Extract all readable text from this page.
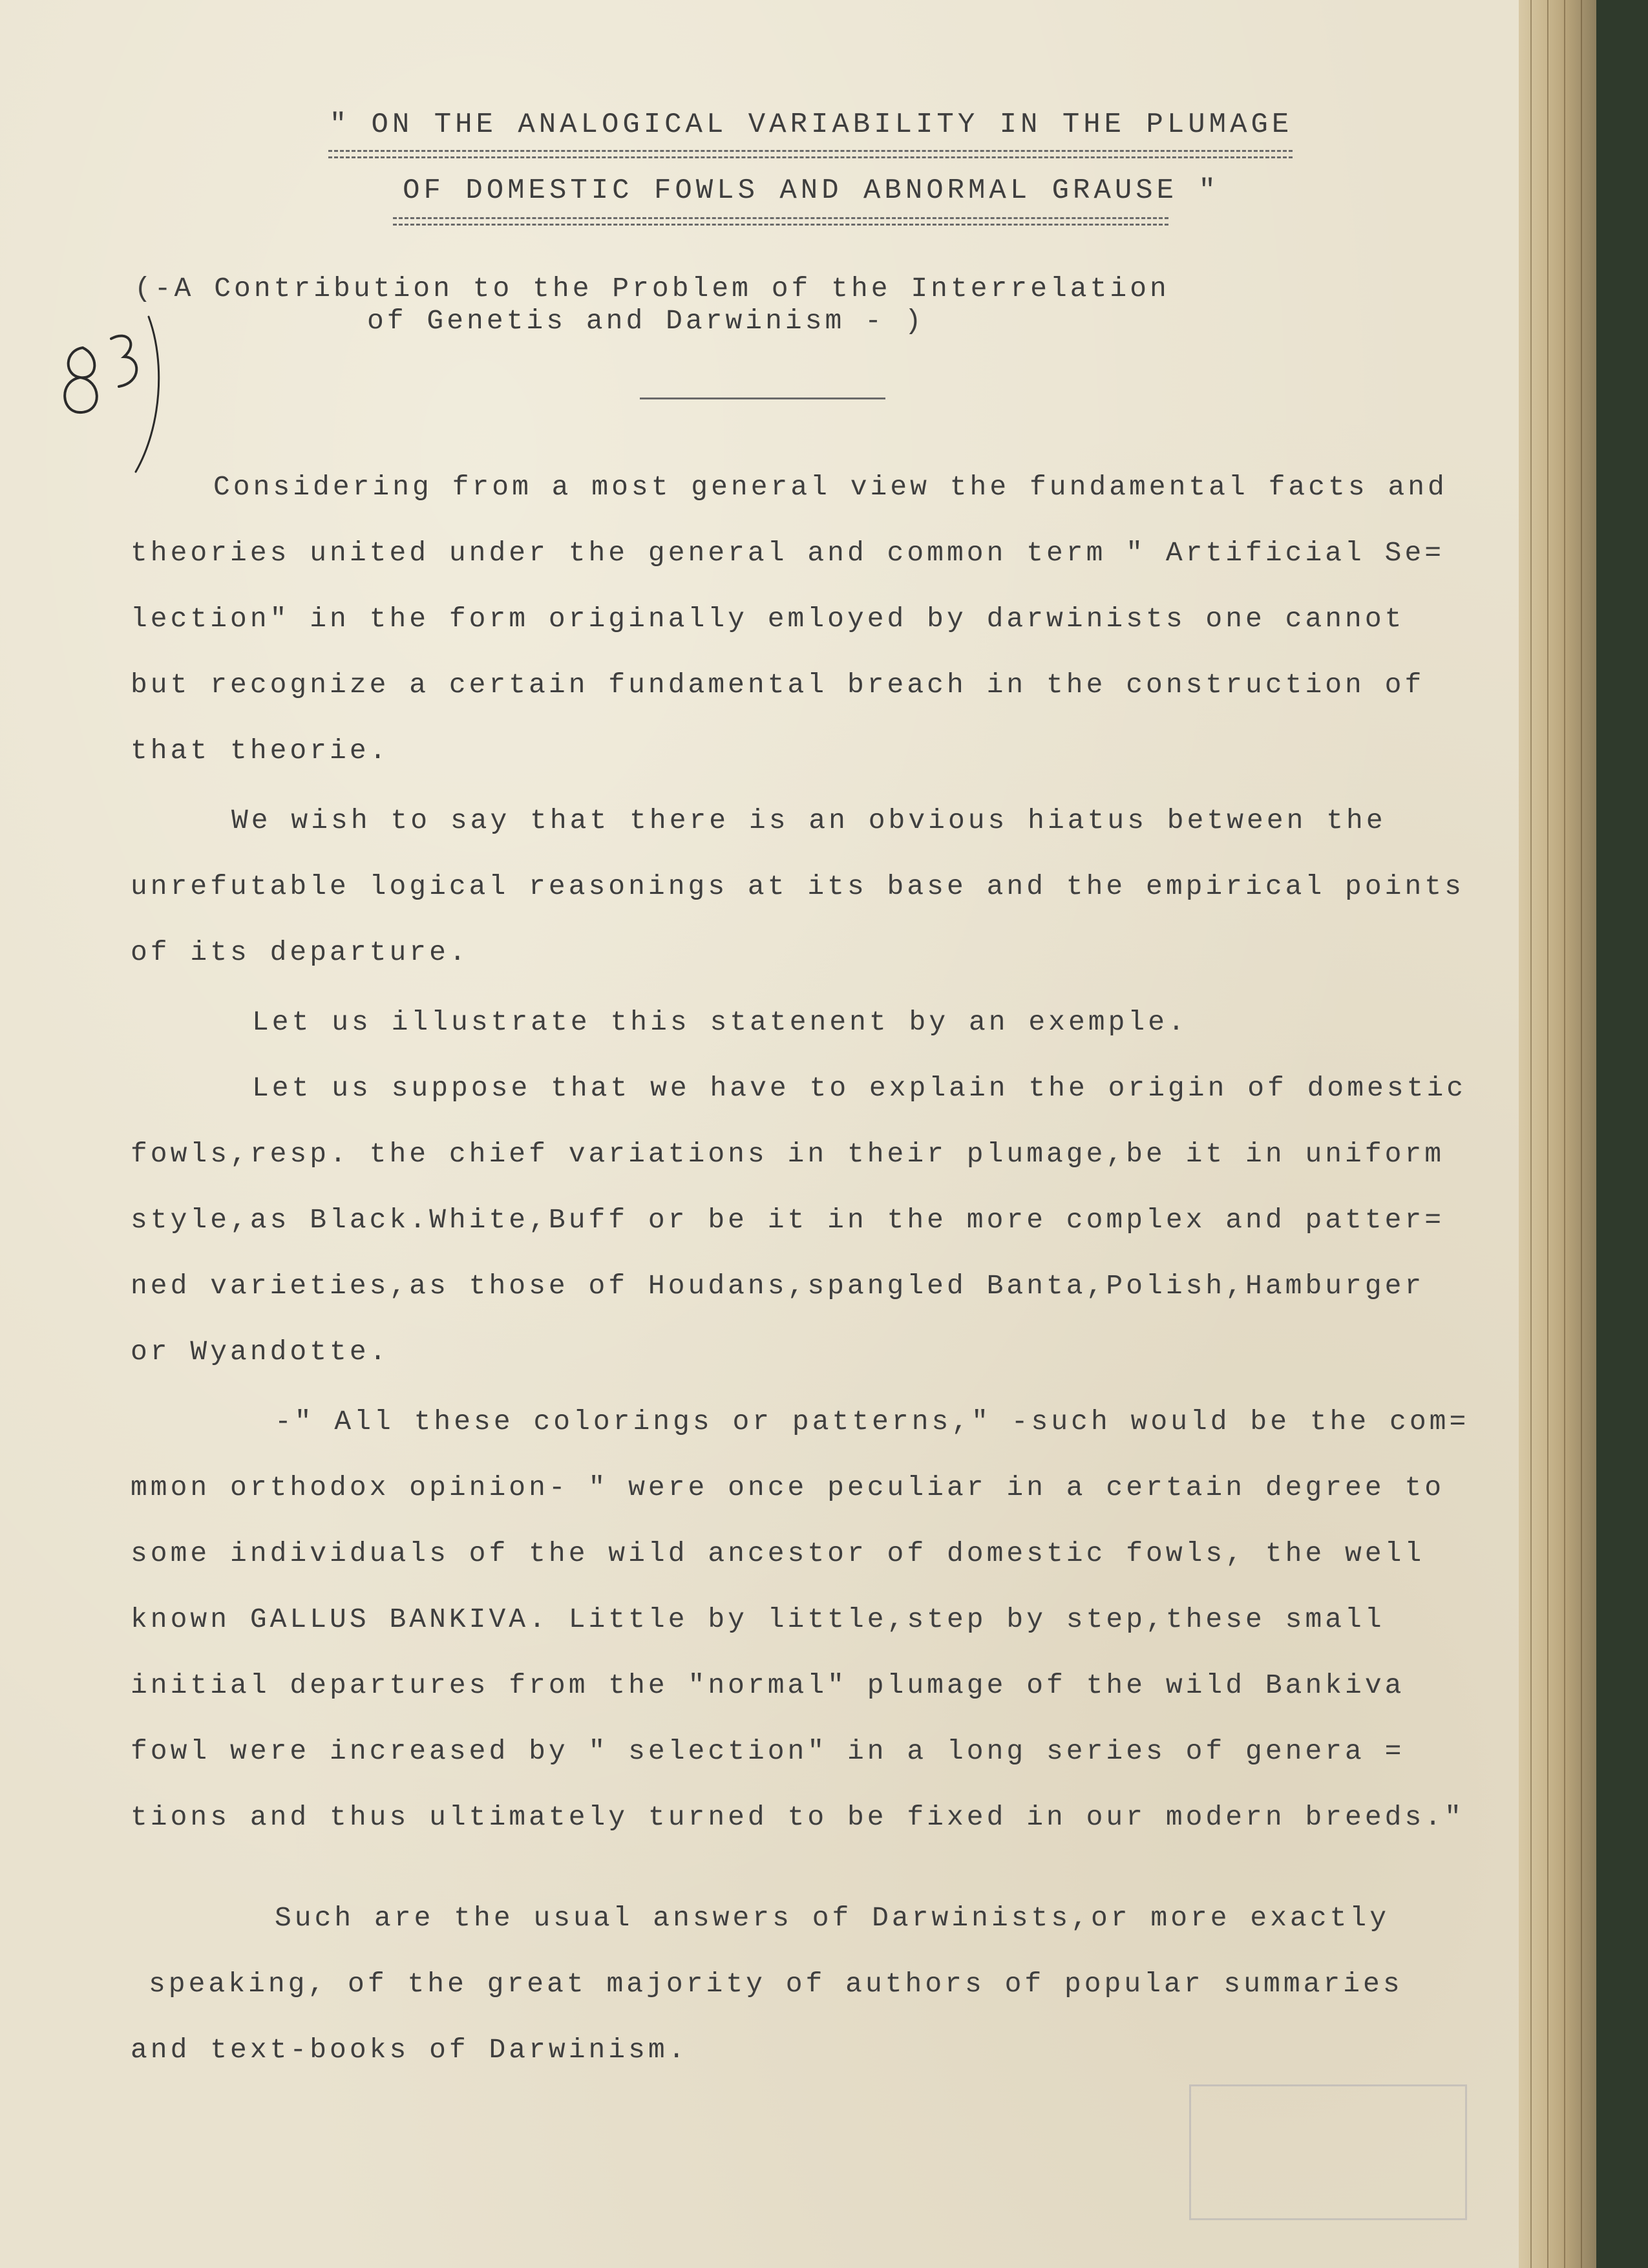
" ON THE ANALOGICAL VARIABILITY IN THE PLUMAGE
OF DOMESTIC FOWLS AND ABNORMAL GRAUSE "
(-A Contribution to the Problem of the Interrelation
of Genetis and Darwinism - )
Considering from a most general view the fundamental facts and
theories united under the general and common term " Artificial Se=
lection" in the form originally emloyed by darwinists one cannot
but recognize a certain fundamental breach in the construction of
that theorie.
We wish to say that there is an obvious hiatus between the
unrefutable logical reasonings at its base and the empirical points
of its departure.
Let us illustrate this statenent by an exemple.
Let us suppose that we have to explain the origin of domestic
fowls,resp. the chief variations in their plumage,be it in uniform
style,as Black.White,Buff or be it in the more complex and patter=
ned varieties,as those of Houdans,spangled Banta,Polish,Hamburger
or Wyandotte.
-" All these colorings or patterns," -such would be the com=
mmon orthodox opinion- " were once peculiar in a certain degree to
some individuals of the wild ancestor of domestic fowls, the well
known GALLUS BANKIVA. Little by little,step by step,these small
initial departures from the "normal" plumage of the wild Bankiva
fowl were increased by " selection" in a long series of genera =
tions and thus ultimately turned to be fixed in our modern breeds."
Such are the usual answers of Darwinists,or more exactly
speaking, of the great majority of authors of popular summaries
and text-books of Darwinism.
